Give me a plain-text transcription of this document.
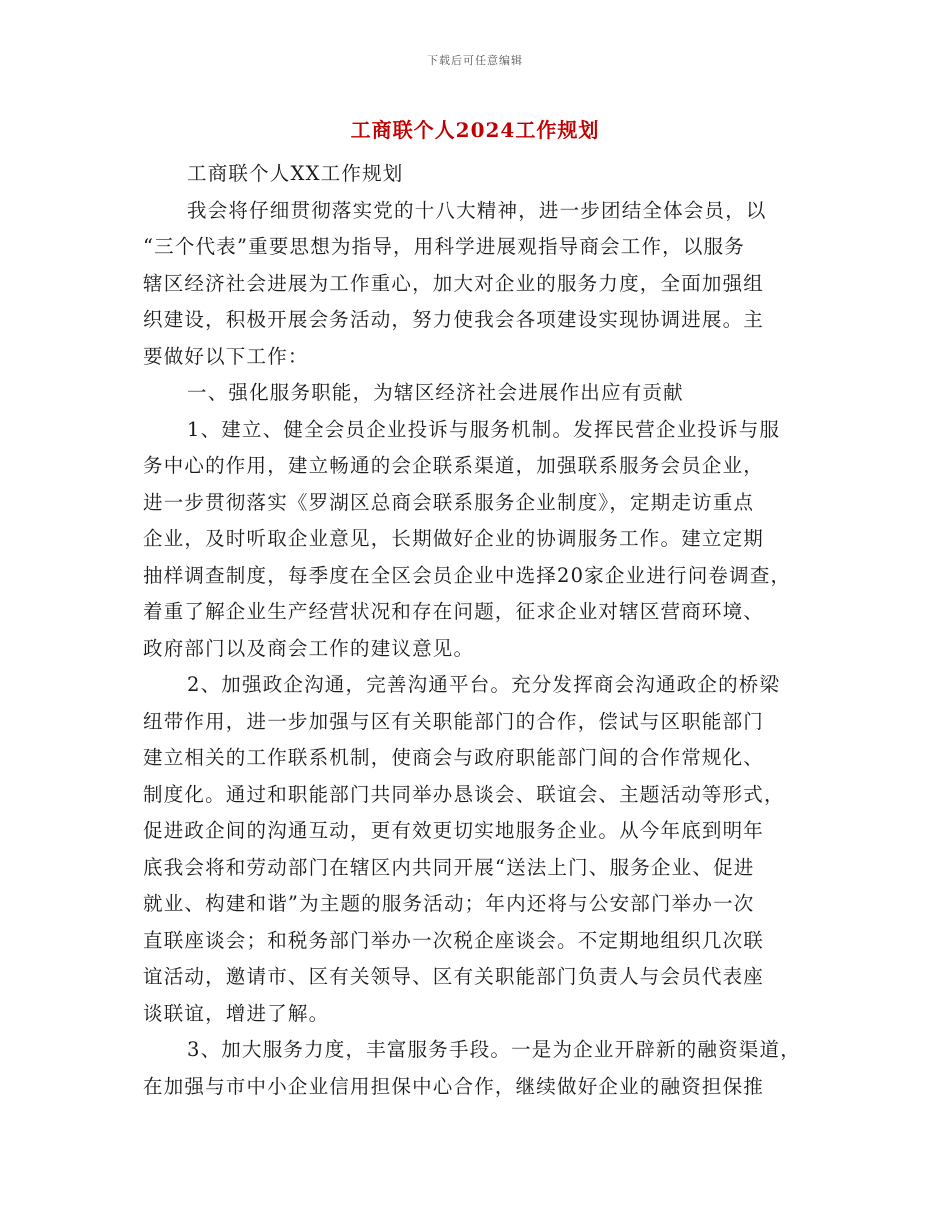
下载后可任意编辑
工商联个人2024工作规划
工商联个人XX工作规划
我会将仔细贯彻落实党的十八大精神，进一步团结全体会员，以
“三个代表”重要思想为指导，用科学进展观指导商会工作，以服务
辖区经济社会进展为工作重心，加大对企业的服务力度，全面加强组
织建设，积极开展会务活动，努力使我会各项建设实现协调进展。主
要做好以下工作：
一、强化服务职能，为辖区经济社会进展作出应有贡献
1、建立、健全会员企业投诉与服务机制。发挥民营企业投诉与服
务中心的作用，建立畅通的会企联系渠道，加强联系服务会员企业，
进一步贯彻落实《罗湖区总商会联系服务企业制度》，定期走访重点
企业，及时听取企业意见，长期做好企业的协调服务工作。建立定期
抽样调查制度，每季度在全区会员企业中选择20家企业进行问卷调查，
着重了解企业生产经营状况和存在问题，征求企业对辖区营商环境、
政府部门以及商会工作的建议意见。
2、加强政企沟通，完善沟通平台。充分发挥商会沟通政企的桥梁
纽带作用，进一步加强与区有关职能部门的合作，偿试与区职能部门
建立相关的工作联系机制，使商会与政府职能部门间的合作常规化、
制度化。通过和职能部门共同举办恳谈会、联谊会、主题活动等形式，
促进政企间的沟通互动，更有效更切实地服务企业。从今年底到明年
底我会将和劳动部门在辖区内共同开展“送法上门、服务企业、促进
就业、构建和谐”为主题的服务活动；年内还将与公安部门举办一次
直联座谈会；和税务部门举办一次税企座谈会。不定期地组织几次联
谊活动，邀请市、区有关领导、区有关职能部门负责人与会员代表座
谈联谊，增进了解。
3、加大服务力度，丰富服务手段。一是为企业开辟新的融资渠道，
在加强与市中小企业信用担保中心合作，继续做好企业的融资担保推
